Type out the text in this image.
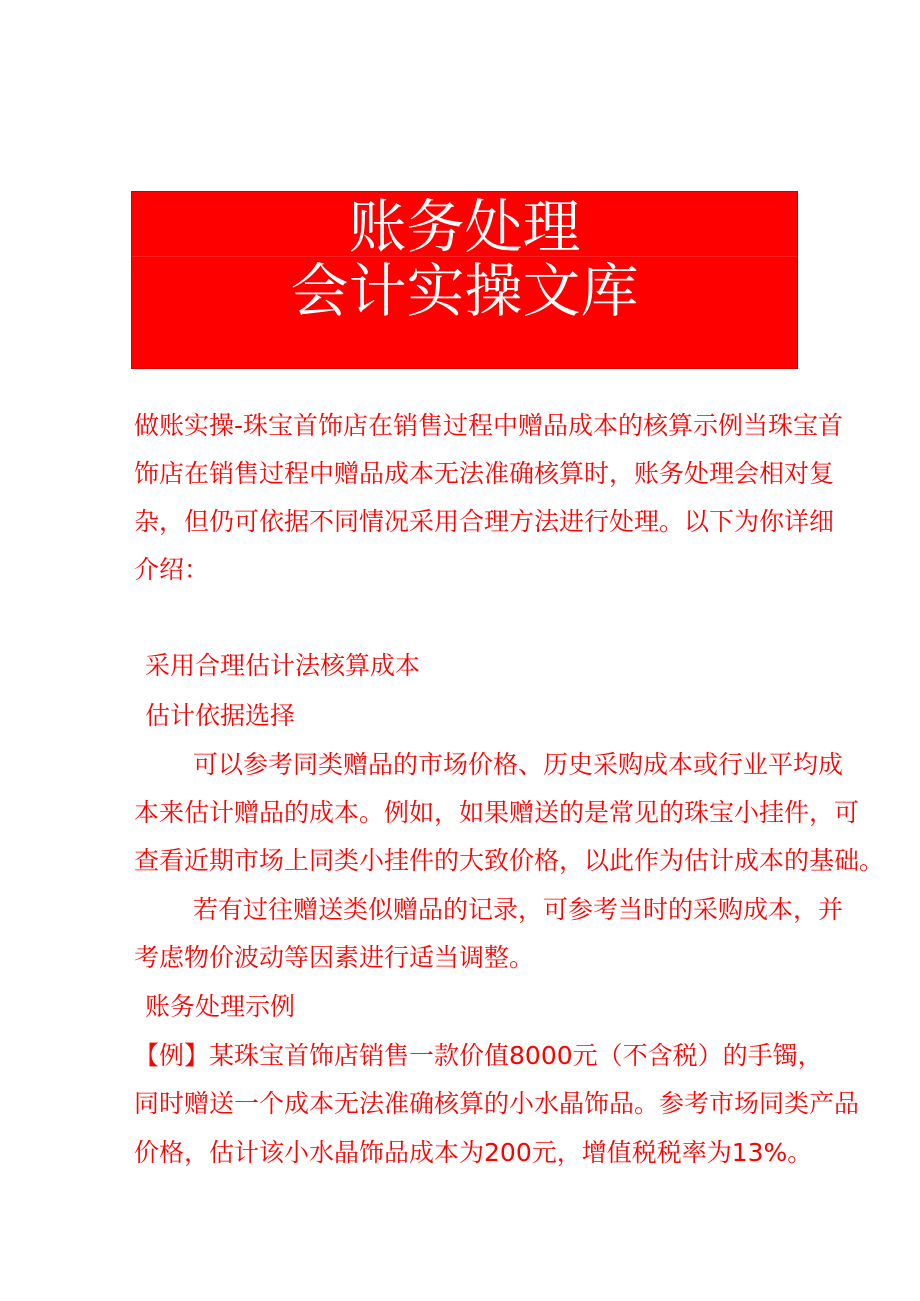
账务处理
会计实操文库
做账实操-珠宝首饰店在销售过程中赠品成本的核算示例当珠宝首
饰店在销售过程中赠品成本无法准确核算时，账务处理会相对复
杂，但仍可依据不同情况采用合理方法进行处理。以下为你详细
介绍：
采用合理估计法核算成本
估计依据选择
可以参考同类赠品的市场价格、历史采购成本或行业平均成
本来估计赠品的成本。例如，如果赠送的是常见的珠宝小挂件，可
查看近期市场上同类小挂件的大致价格，以此作为估计成本的基础。
若有过往赠送类似赠品的记录，可参考当时的采购成本，并
考虑物价波动等因素进行适当调整。
账务处理示例
【例】某珠宝首饰店销售一款价值8000元（不含税）的手镯，
同时赠送一个成本无法准确核算的小水晶饰品。参考市场同类产品
价格，估计该小水晶饰品成本为200元，增值税税率为13%。
